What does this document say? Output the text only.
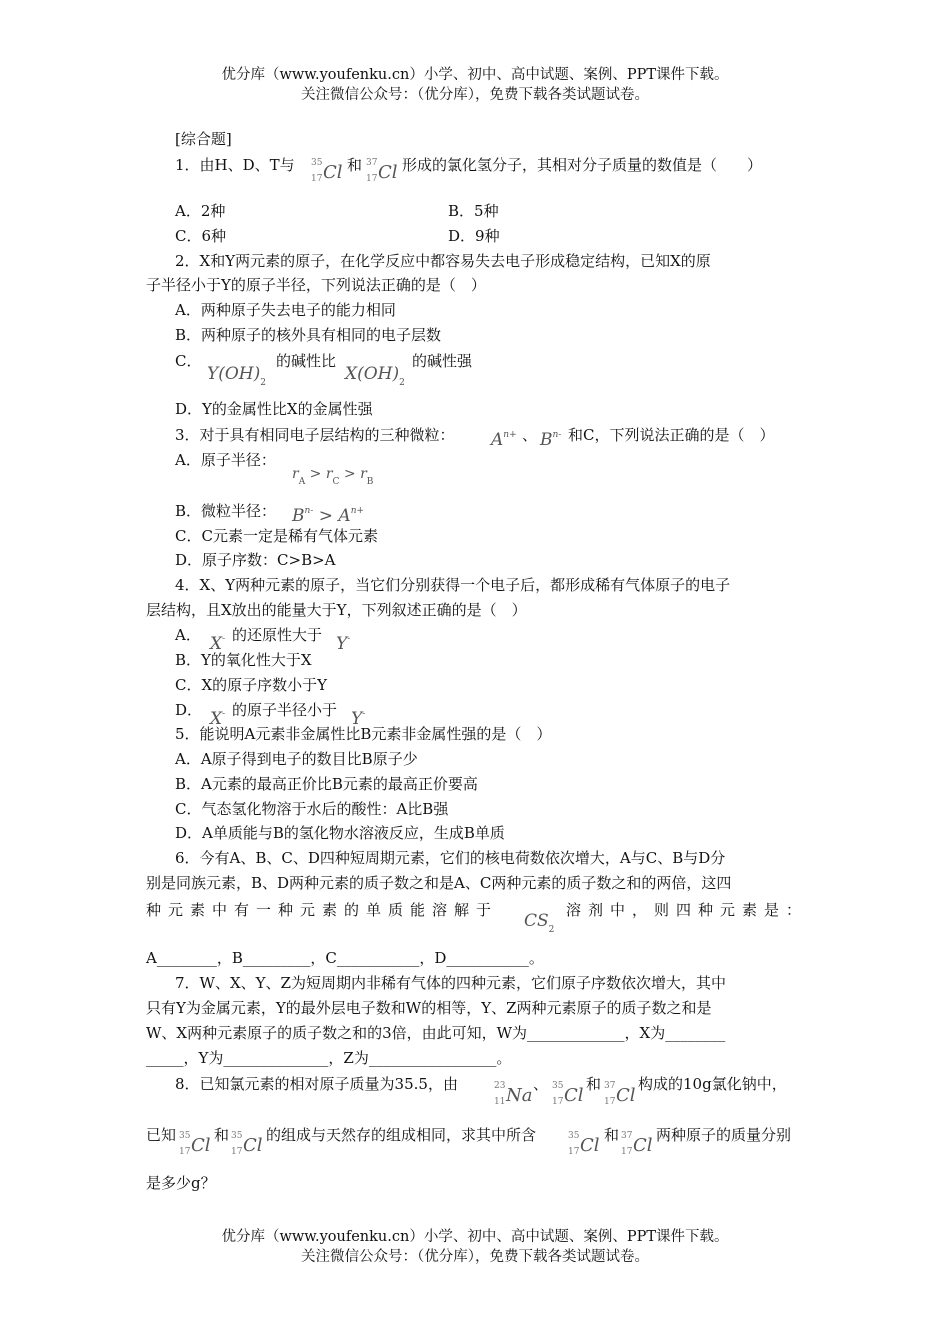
优分库（www.youfenku.cn）小学、初中、高中试题、案例、PPT课件下载。
关注微信公众号：（优分库），免费下载各类试题试卷。
[综合题]
1．由H、D、T与 35
17 Cl 和 37
17 Cl 形成的氯化氢分子，其相对分子质量的数值是（　　）
A．2种	B．5种
C．6种	D．9种
2．X和Y两元素的原子，在化学反应中都容易失去电子形成稳定结构，已知X的原
子半径小于Y的原子半径，下列说法正确的是（　）
A．两种原子失去电子的能力相同
B．两种原子的核外具有相同的电子层数
C．
$Y(OH)_2$
的碱性比
$X(OH)_2$
的碱性强
D．Y的金属性比X的金属性强
3．对于具有相同电子层结构的三种微粒： $A^{n+}$ 、 $B^{n-}$ 和C，下列说法正确的是（　）
A．原子半径：
$r_A > r_C > r_B$
B．微粒半径： $B^{n-} > A^{n+}$
C．C元素一定是稀有气体元素
D．原子序数：C>B>A
4．X、Y两种元素的原子，当它们分别获得一个电子后，都形成稀有气体原子的电子
层结构，且X放出的能量大于Y，下列叙述正确的是（　）
A． X- 的还原性大于 Y-
B．Y的氧化性大于X
C．X的原子序数小于Y
D． X- 的原子半径小于 Y-
5．能说明A元素非金属性比B元素非金属性强的是（　）
A．A原子得到电子的数目比B原子少
B．A元素的最高正价比B元素的最高正价要高
C．气态氢化物溶于水后的酸性：A比B强
D．A单质能与B的氢化物水溶液反应，生成B单质
6．今有A、B、C、D四种短周期元素，它们的核电荷数依次增大，A与C、B与D分
别是同族元素，B、D两种元素的质子数之和是A、C两种元素的质子数之和的两倍，这四
种元素中有一种元素的单质能溶解于
$CS_2$
溶剂中，则四种元素是：
A________，B_________，C___________，D___________。
7．W、X、Y、Z为短周期内非稀有气体的四种元素，它们原子序数依次增大，其中
只有Y为金属元素，Y的最外层电子数和W的相等，Y、Z两种元素原子的质子数之和是
W、X两种元素原子的质子数之和的3倍，由此可知，W为_____________，X为________
_____，Y为______________，Z为_________________。
8．已知氯元素的相对原子质量为35.5，由	23
11 Na
、 35
17 Cl
和 37
17 Cl
构成的10g氯化钠中，
已知 35
17 Cl 和 35
17 Cl 的组成与天然存的组成相同，求其中所含	35
17 Cl 和 37
17 Cl 两种原子的质量分别
是多少g？
优分库（www.youfenku.cn）小学、初中、高中试题、案例、PPT课件下载。
关注微信公众号：（优分库），免费下载各类试题试卷。
